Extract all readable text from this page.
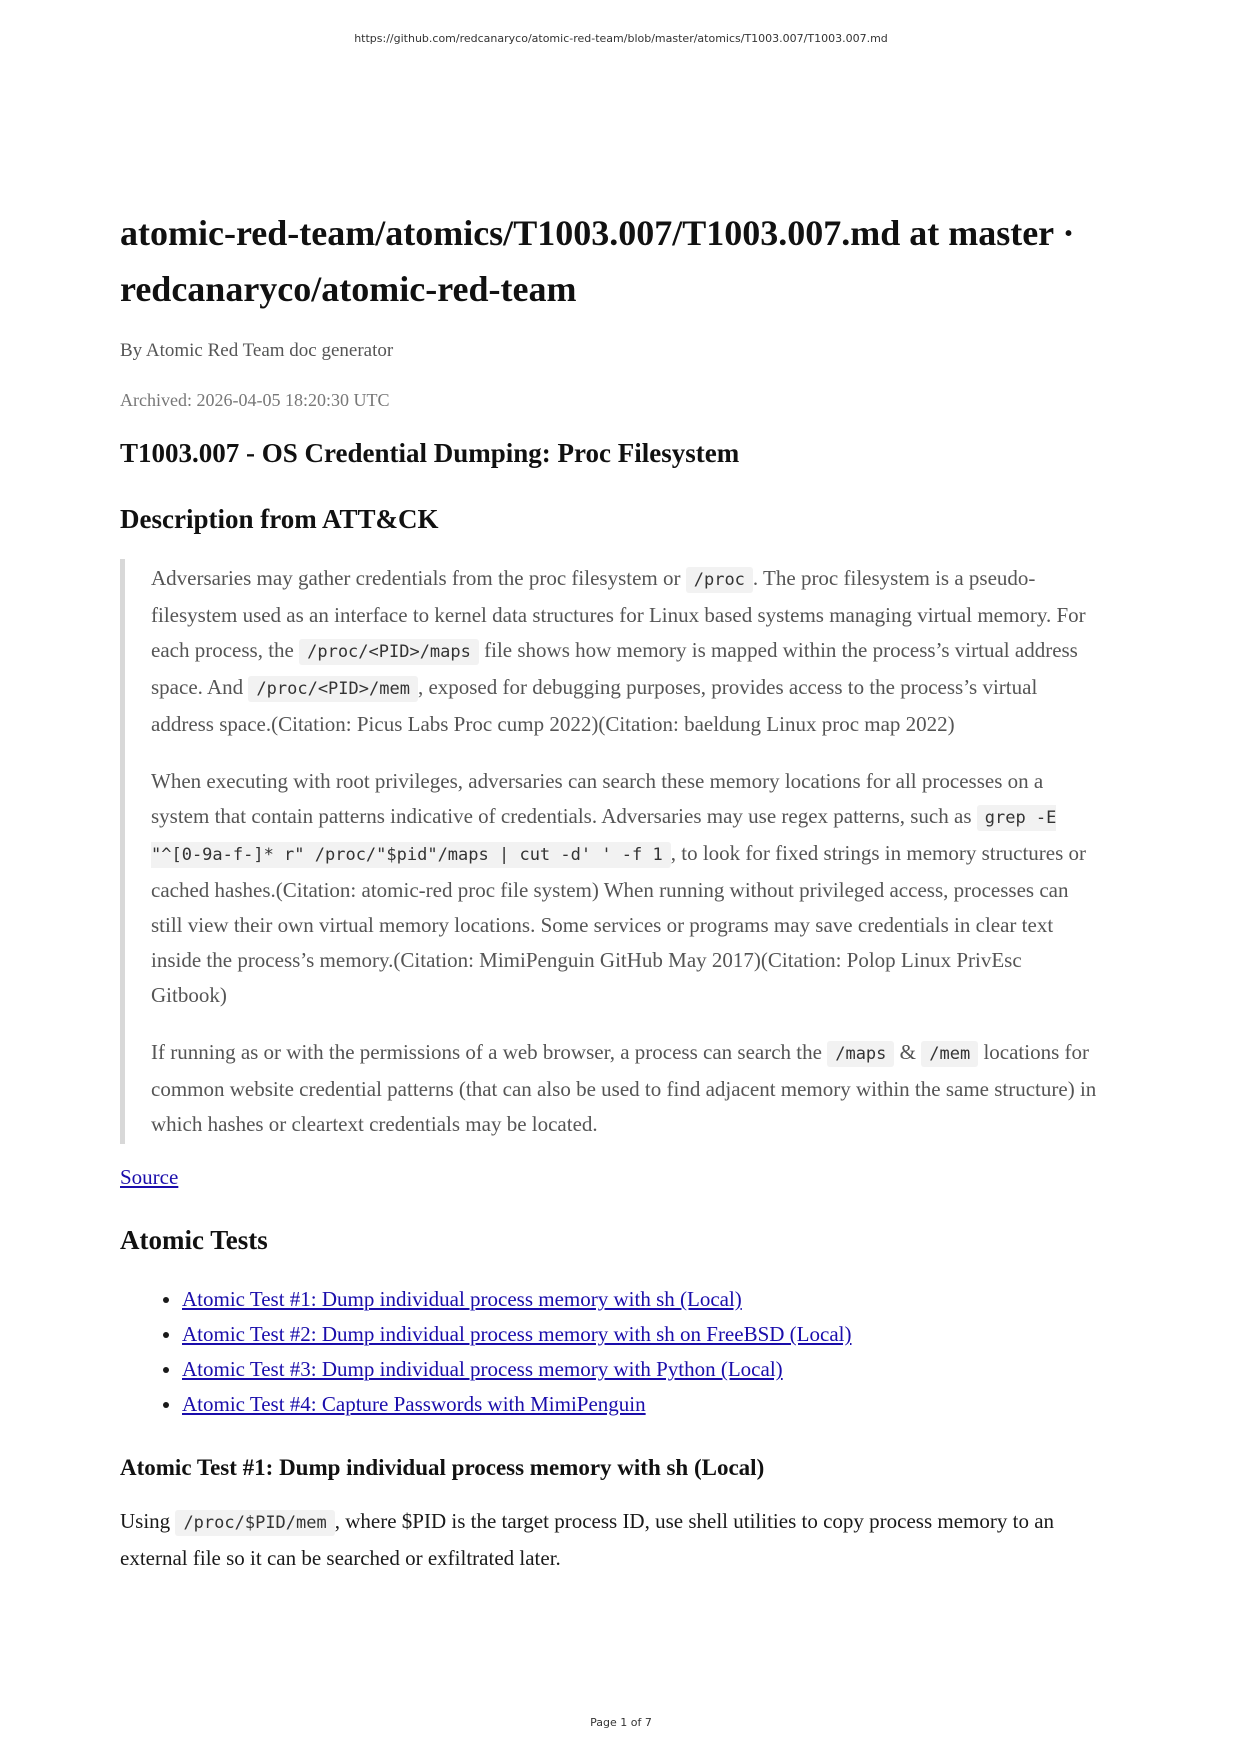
https://github.com/redcanaryco/atomic-red-team/blob/master/atomics/T1003.007/T1003.007.md
atomic-red-team/atomics/T1003.007/T1003.007.md at master ·
redcanaryco/atomic-red-team
By Atomic Red Team doc generator
Archived: 2026-04-05 18:20:30 UTC
T1003.007 - OS Credential Dumping: Proc Filesystem
Description from ATT&CK

Adversaries may gather credentials from the proc filesystem or /proc . The proc filesystem is a pseudo-filesystem used as an interface to kernel data structures for Linux based systems managing virtual memory. For each process, the /proc/<PID>/maps file shows how memory is mapped within the process’s virtual address space. And /proc/<PID>/mem , exposed for debugging purposes, provides access to the process’s virtual address space.(Citation: Picus Labs Proc cump 2022)(Citation: baeldung Linux proc map 2022)

When executing with root privileges, adversaries can search these memory locations for all processes on a system that contain patterns indicative of credentials. Adversaries may use regex patterns, such as grep -E "^[0-9a-f-]* r" /proc/"$pid"/maps | cut -d' ' -f 1 , to look for fixed strings in memory structures or cached hashes.(Citation: atomic-red proc file system) When running without privileged access, processes can still view their own virtual memory locations. Some services or programs may save credentials in clear text inside the process’s memory.(Citation: MimiPenguin GitHub May 2017)(Citation: Polop Linux PrivEsc Gitbook)

If running as or with the permissions of a web browser, a process can search the /maps & /mem locations for common website credential patterns (that can also be used to find adjacent memory within the same structure) in which hashes or cleartext credentials may be located.

Source
Atomic Tests
• Atomic Test #1: Dump individual process memory with sh (Local)
• Atomic Test #2: Dump individual process memory with sh on FreeBSD (Local)
• Atomic Test #3: Dump individual process memory with Python (Local)
• Atomic Test #4: Capture Passwords with MimiPenguin
Atomic Test #1: Dump individual process memory with sh (Local)

Using /proc/$PID/mem , where $PID is the target process ID, use shell utilities to copy process memory to an external file so it can be searched or exfiltrated later.

Page 1 of 7
